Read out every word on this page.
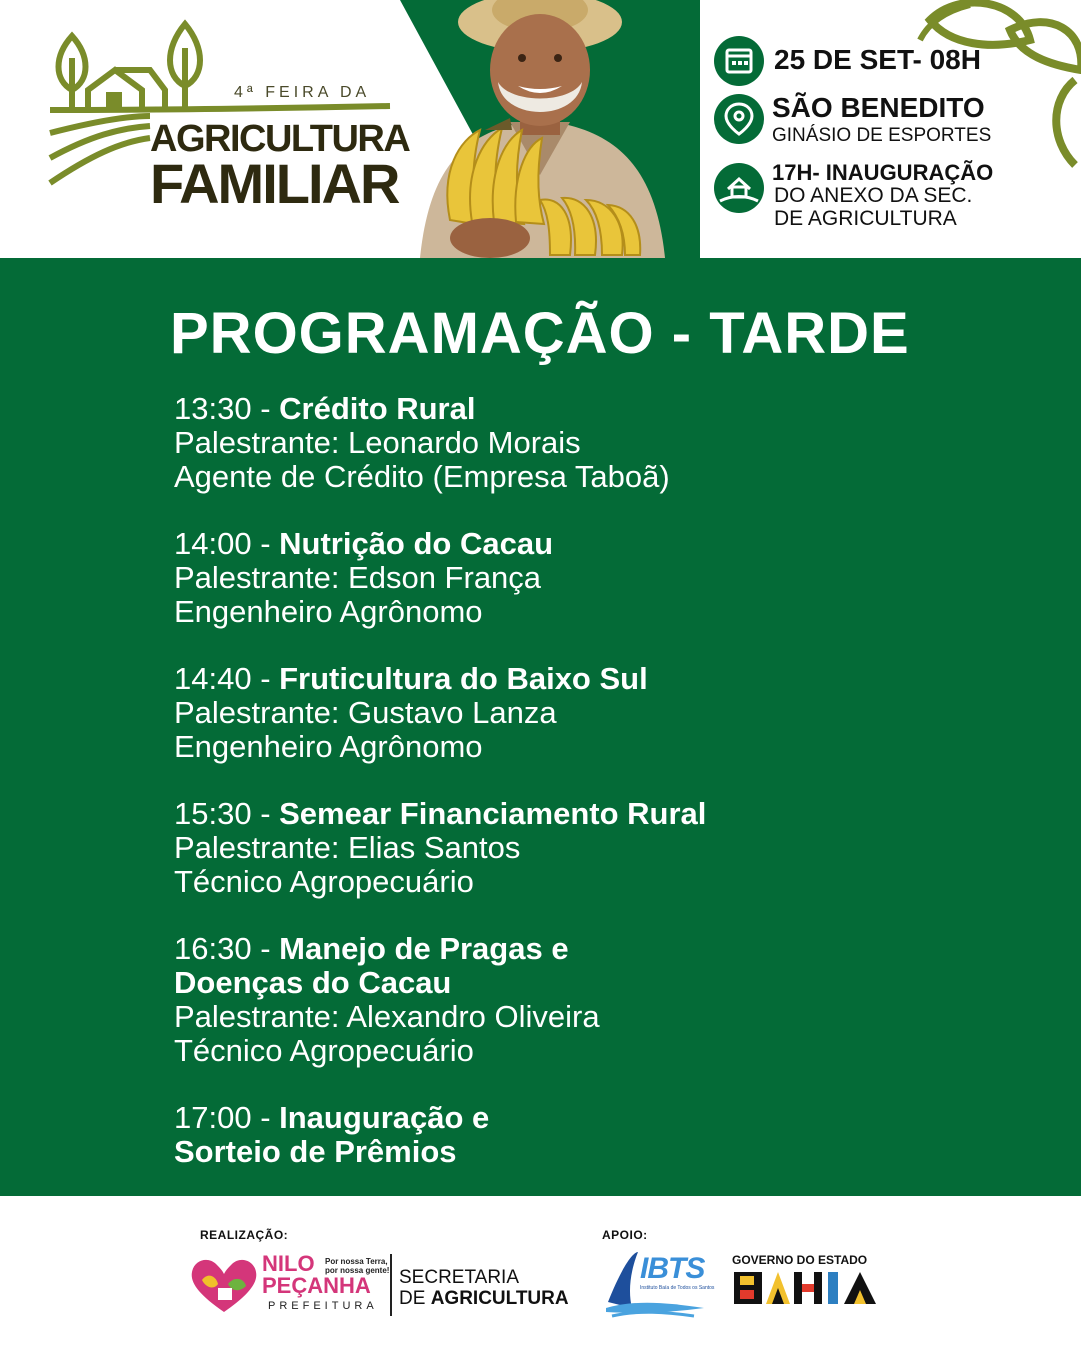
4ª FEIRA DA
AGRICULTURA
FAMILIAR
25 DE SET- 08H
SÃO BENEDITO
GINÁSIO DE ESPORTES
17H- INAUGURAÇÃO
DO ANEXO DA SEC.
DE AGRICULTURA
PROGRAMAÇÃO - TARDE
13:30 - Crédito Rural
Palestrante: Leonardo Morais
Agente de Crédito (Empresa Taboã)
14:00 - Nutrição do Cacau
Palestrante: Edson França
Engenheiro Agrônomo
14:40 - Fruticultura do Baixo Sul
Palestrante: Gustavo Lanza
Engenheiro Agrônomo
15:30 - Semear Financiamento Rural
Palestrante: Elias Santos
Técnico Agropecuário
16:30 - Manejo de Pragas e
Doenças do Cacau
Palestrante: Alexandro Oliveira
Técnico Agropecuário
17:00 - Inauguração e
Sorteio de Prêmios
REALIZAÇÃO:	APOIO:
NILO
PEÇANHA
Por nossa Terra,
por nossa gente!
PREFEITURA
SECRETARIA
DE AGRICULTURA
IBTS
Instituto Baía de Todos os Santos
GOVERNO DO ESTADO
